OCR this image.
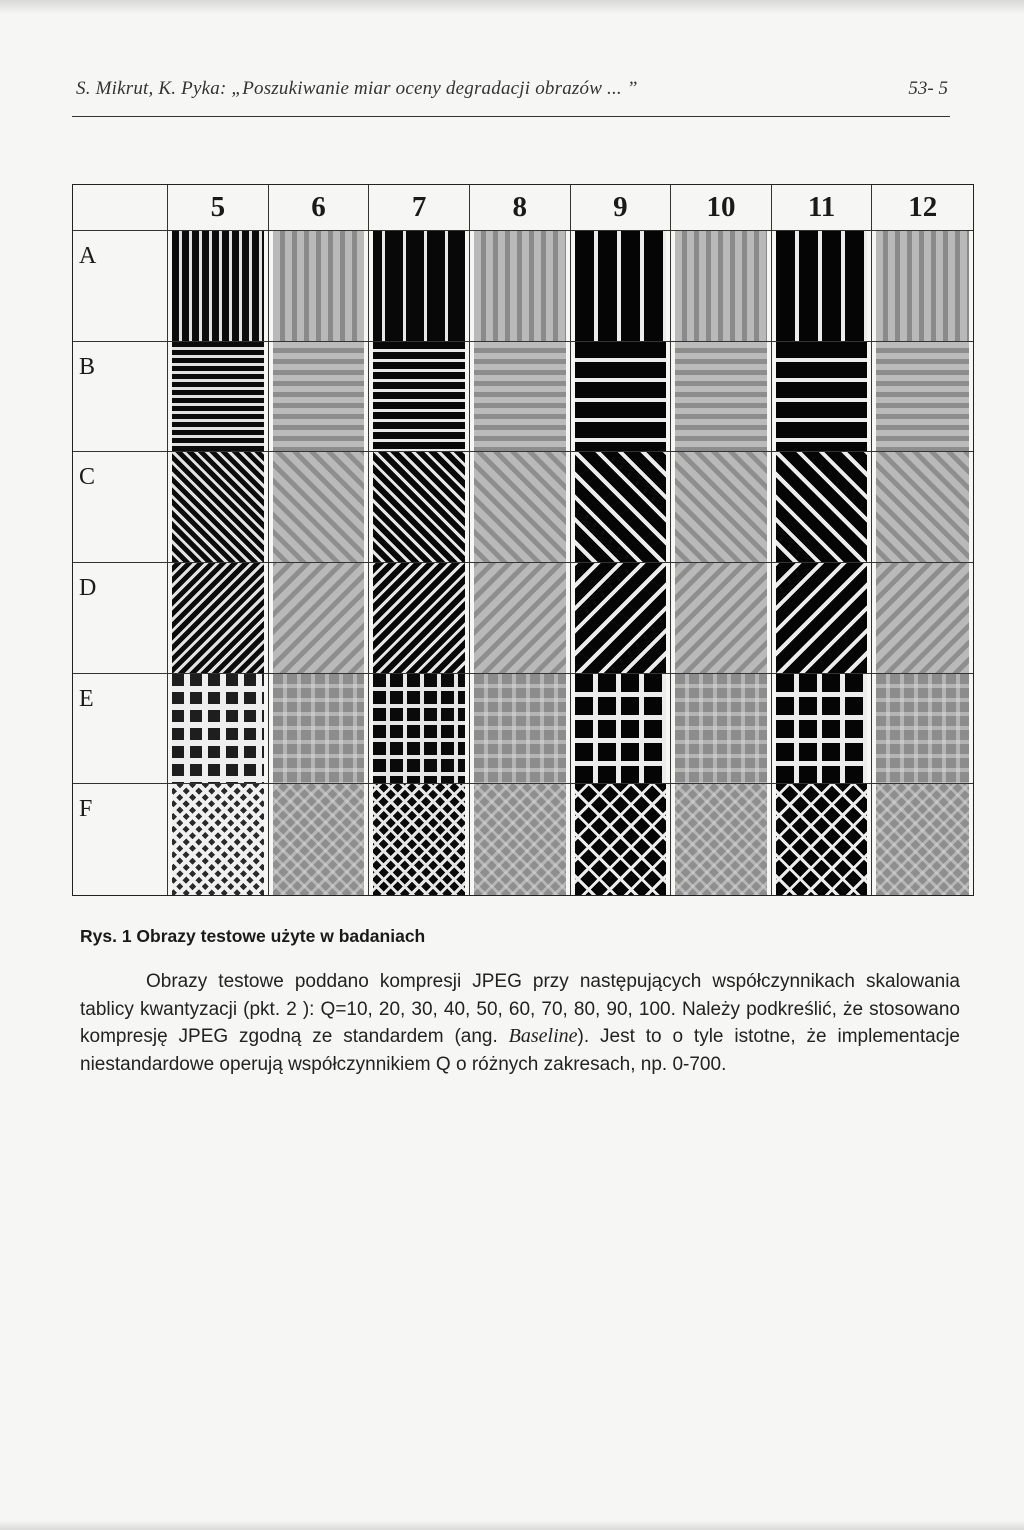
S. Mikrut, K. Pyka: „Poszukiwanie miar oceny degradacji obrazów ... ”	53- 5
5	6	7	8	9	10	11	12
A
B
C
D
E
F
Rys. 1 Obrazy testowe użyte w badaniach

Obrazy testowe poddano kompresji JPEG przy następujących współczynnikach skalowania tablicy kwantyzacji (pkt. 2 ): Q=10, 20, 30, 40, 50, 60, 70, 80, 90, 100. Należy podkreślić, że stosowano kompresję JPEG zgodną ze standardem (ang. Baseline). Jest to o tyle istotne, że implementacje niestandardowe operują współczynnikiem Q o różnych zakresach, np. 0-700.
